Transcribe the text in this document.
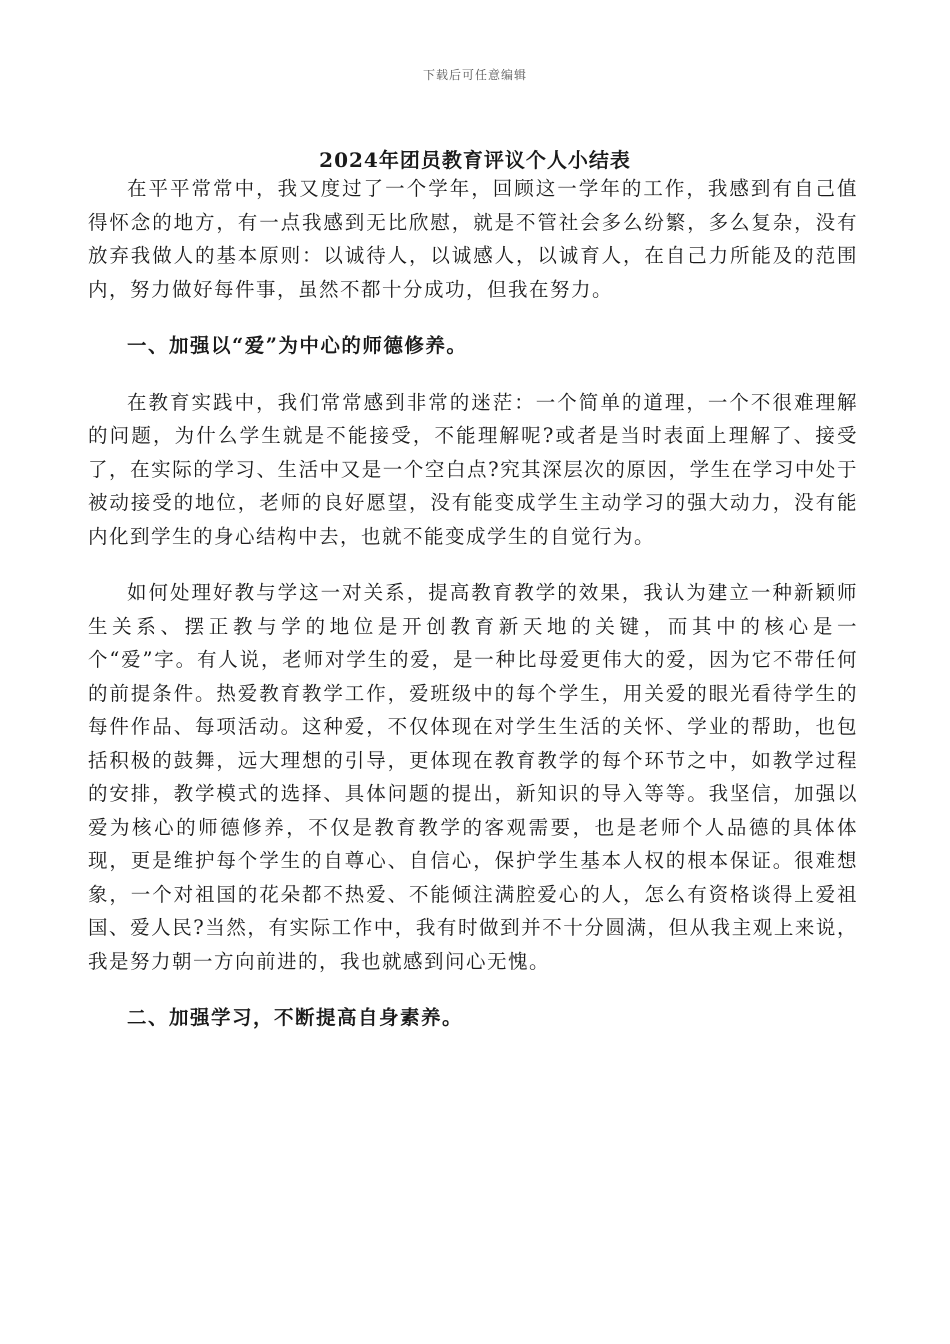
下载后可任意编辑
2024年团员教育评议个人小结表

在平平常常中，我又度过了一个学年，回顾这一学年的工作，我感到有自己值得怀念的地方，有一点我感到无比欣慰，就是不管社会多么纷繁，多么复杂，没有放弃我做人的基本原则：以诚待人，以诚感人，以诚育人，在自己力所能及的范围内，努力做好每件事，虽然不都十分成功，但我在努力。

一、加强以“爱”为中心的师德修养。

在教育实践中，我们常常感到非常的迷茫：一个简单的道理，一个不很难理解的问题，为什么学生就是不能接受，不能理解呢?或者是当时表面上理解了、接受了，在实际的学习、生活中又是一个空白点?究其深层次的原因，学生在学习中处于被动接受的地位，老师的良好愿望，没有能变成学生主动学习的强大动力，没有能内化到学生的身心结构中去，也就不能变成学生的自觉行为。

如何处理好教与学这一对关系，提高教育教学的效果，我认为建立一种新颖师生关系、摆正教与学的地位是开创教育新天地的关键，而其中的核心是一个“爱”字。有人说，老师对学生的爱，是一种比母爱更伟大的爱，因为它不带任何的前提条件。热爱教育教学工作，爱班级中的每个学生，用关爱的眼光看待学生的每件作品、每项活动。这种爱，不仅体现在对学生生活的关怀、学业的帮助，也包括积极的鼓舞，远大理想的引导，更体现在教育教学的每个环节之中，如教学过程的安排，教学模式的选择、具体问题的提出，新知识的导入等等。我坚信，加强以爱为核心的师德修养，不仅是教育教学的客观需要，也是老师个人品德的具体体现，更是维护每个学生的自尊心、自信心，保护学生基本人权的根本保证。很难想象，一个对祖国的花朵都不热爱、不能倾注满腔爱心的人，怎么有资格谈得上爱祖国、爱人民?当然，有实际工作中，我有时做到并不十分圆满，但从我主观上来说，我是努力朝一方向前进的，我也就感到问心无愧。

二、加强学习，不断提高自身素养。
